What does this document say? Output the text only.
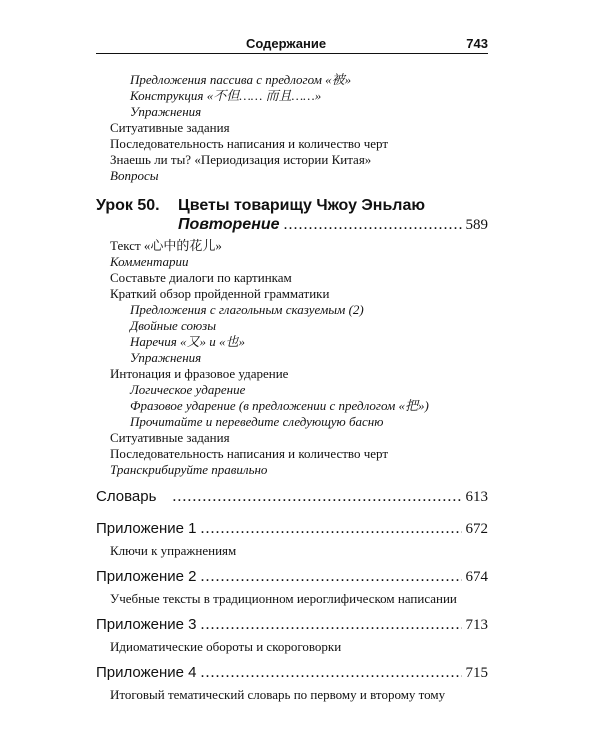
Содержание	743
Предложения пассива с предлогом «被»
Конструкция «不但…… 而且……»
Упражнения
Ситуативные задания
Последовательность написания и количество черт
Знаешь ли ты? «Периодизация истории Китая»
Вопросы
Урок 50. Цветы товарищу Чжоу Эньлаю
Повторение .....	589
Текст «心中的花儿»
Комментарии
Составьте диалоги по картинкам
Краткий обзор пройденной грамматики
Предложения с глагольным сказуемым (2)
Двойные союзы
Наречия «又» и «也»
Упражнения
Интонация и фразовое ударение
Логическое ударение
Фразовое ударение (в предложении с предлогом «把»)
Прочитайте и переведите следующую басню
Ситуативные задания
Последовательность написания и количество черт
Транскрибируйте правильно
Словарь .....	613
Приложение 1 .....	672
Ключи к упражнениям
Приложение 2 .....	674
Учебные тексты в традиционном иероглифическом написании
Приложение 3 .....	713
Идиоматические обороты и скороговорки
Приложение 4 .....	715
Итоговый тематический словарь по первому и второму тому
